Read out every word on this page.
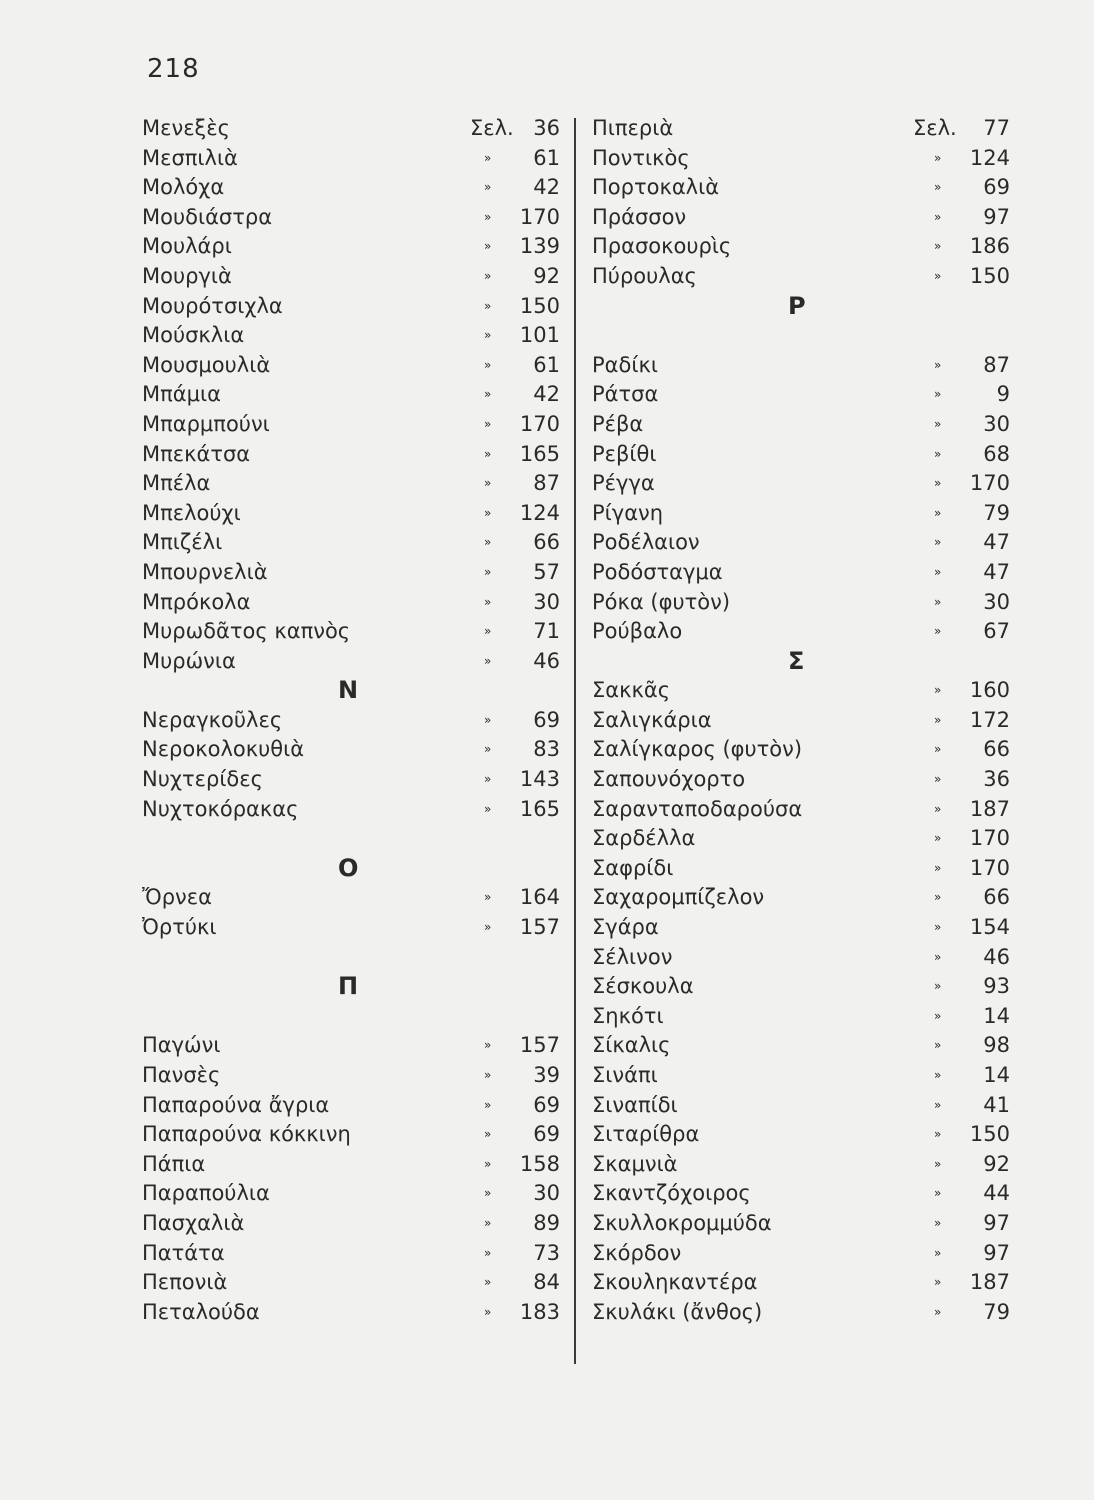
218
Μενεξὲς	Σελ. 36
Μεσπιλιὰ	»	61
Μολόχα	»	42
Μουδιάστρα	»	170
Μουλάρι	»	139
Μουργιὰ	»	92
Μουρότσιχλα	»	150
Μούσκλια	»	101
Μουσμουλιὰ	»	61
Μπάμια	»	42
Μπαρμπούνι	»	170
Μπεκάτσα	»	165
Μπέλα	»	87
Μπελούχι	»	124
Μπιζέλι	»	66
Μπουρνελιὰ	»	57
Μπρόκολα	»	30
Μυρωδᾶτος καπνὸς	»	71
Μυρώνια	»	46
Ν
Νεραγκοῦλες	»	69
Νεροκολοκυθιὰ	»	83
Νυχτερίδες	»	143
Νυχτοκόρακας	»	165
Ο
Ὄρνεα	»	164
Ὀρτύκι	»	157
Π
Παγώνι	»	157
Πανσὲς	»	39
Παπαρούνα ἄγρια	»	69
Παπαρούνα κόκκινη	»	69
Πάπια	»	158
Παραπούλια	»	30
Πασχαλιὰ	»	89
Πατάτα	»	73
Πεπονιὰ	»	84
Πεταλούδα	»	183
Πιπεριὰ	Σελ.	77
Ποντικὸς	»	124
Πορτοκαλιὰ	»	69
Πράσσον	»	97
Πρασοκουρὶς	»	186
Πύρουλας	»	150
Ρ
Ραδίκι	»	87
Ράτσα	»	9
Ρέβα	»	30
Ρεβίθι	»	68
Ρέγγα	»	170
Ρίγανη	»	79
Ροδέλαιον	»	47
Ροδόσταγμα	»	47
Ρόκα (φυτὸν)	»	30
Ρούβαλο	»	67
Σ
Σακκᾶς	»	160
Σαλιγκάρια	»	172
Σαλίγκαρος (φυτὸν)	»	66
Σαπουνόχορτο	»	36
Σαρανταποδαρούσα	»	187
Σαρδέλλα	»	170
Σαφρίδι	»	170
Σαχαρομπίζελον	»	66
Σγάρα	»	154
Σέλινον	»	46
Σέσκουλα	»	93
Σηκότι	»	14
Σίκαλις	»	98
Σινάπι	»	14
Σιναπίδι	»	41
Σιταρίθρα	»	150
Σκαμνιὰ	»	92
Σκαντζόχοιρος	»	44
Σκυλλοκρομμύδα	»	97
Σκόρδον	»	97
Σκουληκαντέρα	»	187
Σκυλάκι (ἄνθος)	»	79
